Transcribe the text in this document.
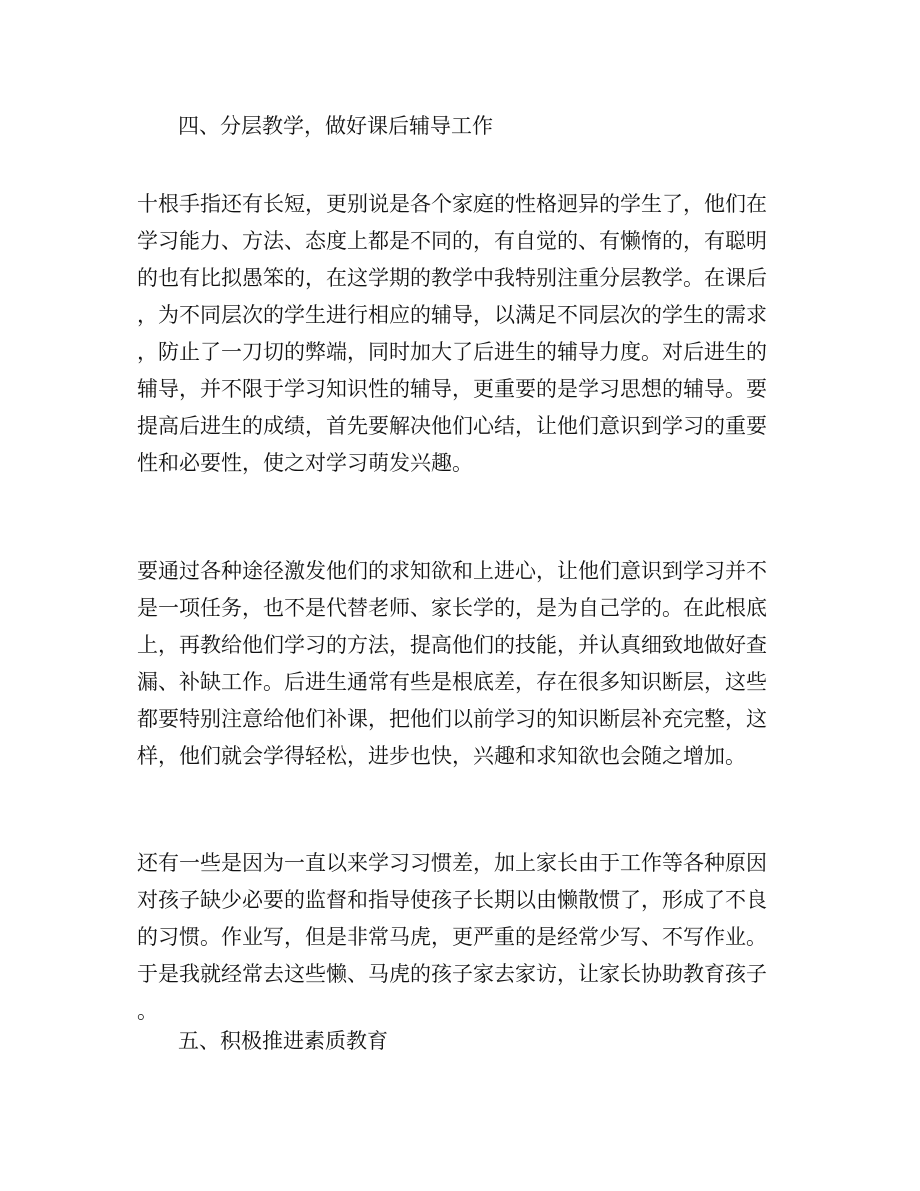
四、分层教学，做好课后辅导工作
十根手指还有长短，更别说是各个家庭的性格迥异的学生了，他们在
学习能力、方法、态度上都是不同的，有自觉的、有懒惰的，有聪明
的也有比拟愚笨的，在这学期的教学中我特别注重分层教学。在课后
，为不同层次的学生进行相应的辅导，以满足不同层次的学生的需求
，防止了一刀切的弊端，同时加大了后进生的辅导力度。对后进生的
辅导，并不限于学习知识性的辅导，更重要的是学习思想的辅导。要
提高后进生的成绩，首先要解决他们心结，让他们意识到学习的重要
性和必要性，使之对学习萌发兴趣。
要通过各种途径激发他们的求知欲和上进心，让他们意识到学习并不
是一项任务，也不是代替老师、家长学的，是为自己学的。在此根底
上，再教给他们学习的方法，提高他们的技能，并认真细致地做好查
漏、补缺工作。后进生通常有些是根底差，存在很多知识断层，这些
都要特别注意给他们补课，把他们以前学习的知识断层补充完整，这
样，他们就会学得轻松，进步也快，兴趣和求知欲也会随之增加。
还有一些是因为一直以来学习习惯差，加上家长由于工作等各种原因
对孩子缺少必要的监督和指导使孩子长期以由懒散惯了，形成了不良
的习惯。作业写，但是非常马虎，更严重的是经常少写、不写作业。
于是我就经常去这些懒、马虎的孩子家去家访，让家长协助教育孩子
。
五、积极推进素质教育
